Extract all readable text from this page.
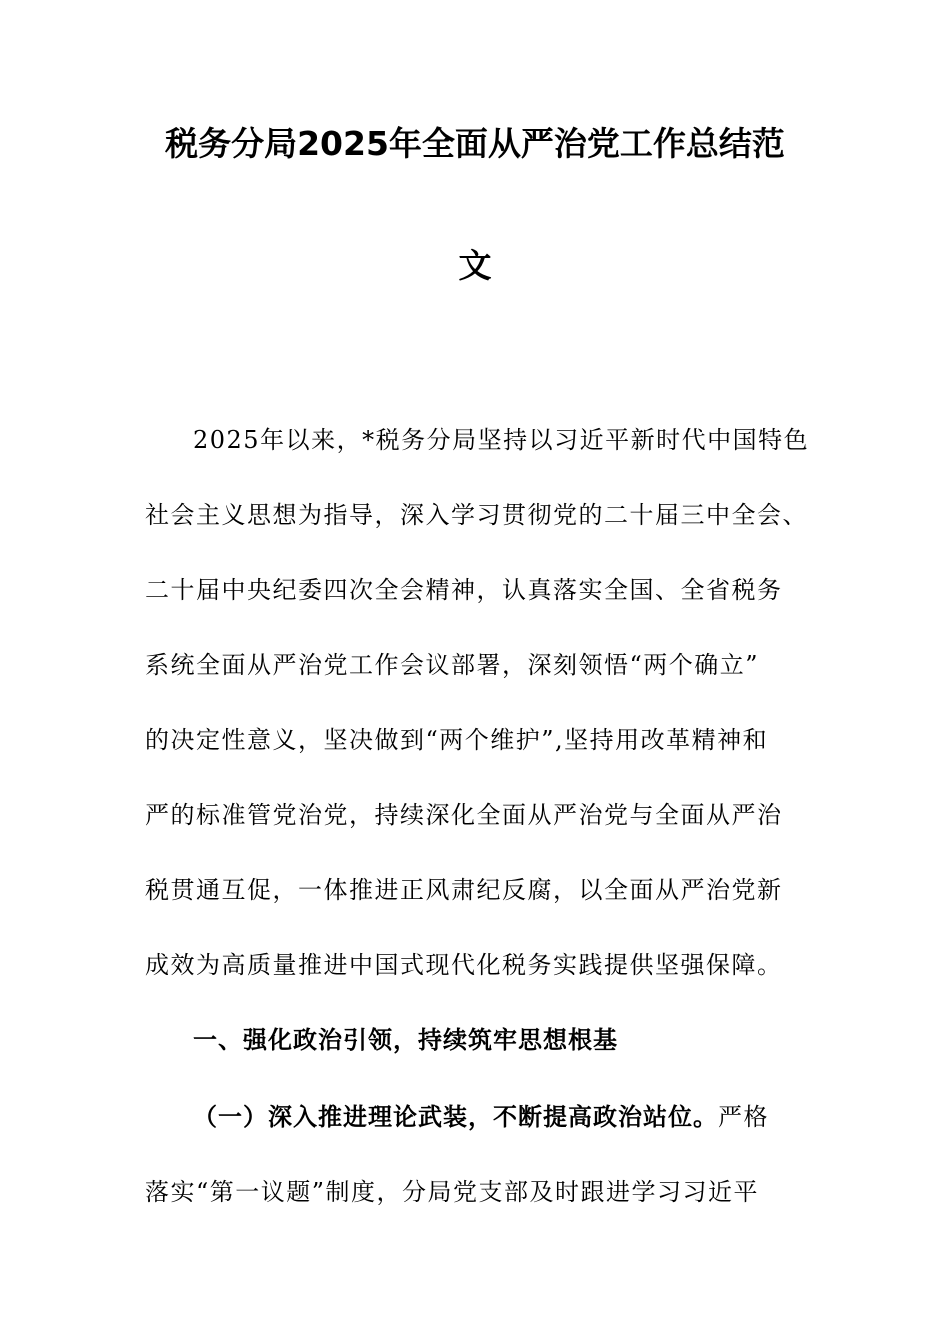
税务分局2025年全面从严治党工作总结范
文
2025年以来，*税务分局坚持以习近平新时代中国特色
社会主义思想为指导，深入学习贯彻党的二十届三中全会、
二十届中央纪委四次全会精神，认真落实全国、全省税务
系统全面从严治党工作会议部署，深刻领悟“两个确立”
的决定性意义，坚决做到“两个维护”,坚持用改革精神和
严的标准管党治党，持续深化全面从严治党与全面从严治
税贯通互促，一体推进正风肃纪反腐，以全面从严治党新
成效为高质量推进中国式现代化税务实践提供坚强保障。
一、强化政治引领，持续筑牢思想根基
（一）深入推进理论武装，不断提高政治站位。严格
落实“第一议题”制度，分局党支部及时跟进学习习近平
